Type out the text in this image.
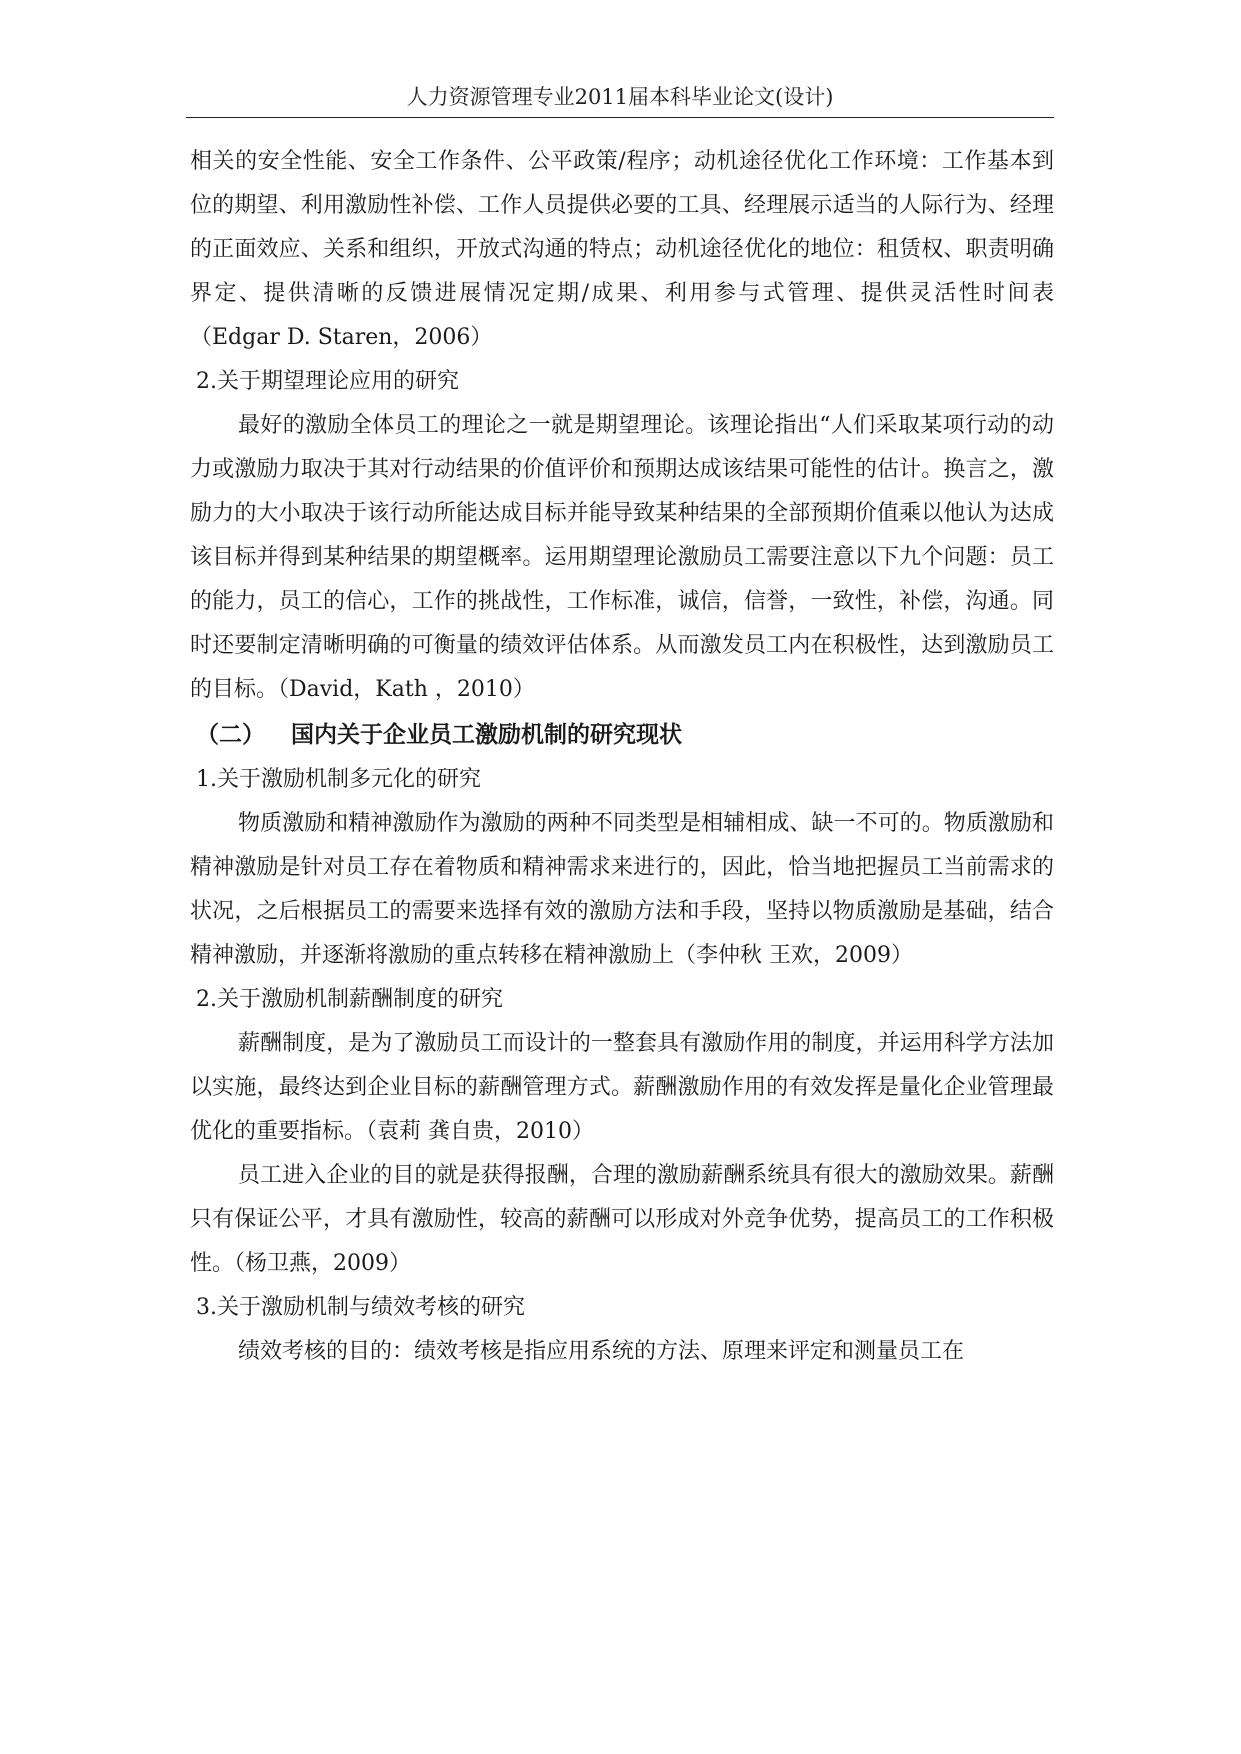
人力资源管理专业2011届本科毕业论文(设计)

相关的安全性能、安全工作条件、公平政策/程序；动机途径优化工作环境：工作基本到位的期望、利用激励性补偿、工作人员提供必要的工具、经理展示适当的人际行为、经理的正面效应、关系和组织，开放式沟通的特点；动机途径优化的地位：租赁权、职责明确界定、提供清晰的反馈进展情况定期/成果、利用参与式管理、提供灵活性时间表（Edgar D. Staren，2006）

2.关于期望理论应用的研究

最好的激励全体员工的理论之一就是期望理论。该理论指出“人们采取某项行动的动力或激励力取决于其对行动结果的价值评价和预期达成该结果可能性的估计。换言之，激励力的大小取决于该行动所能达成目标并能导致某种结果的全部预期价值乘以他认为达成该目标并得到某种结果的期望概率。运用期望理论激励员工需要注意以下九个问题：员工的能力，员工的信心，工作的挑战性，工作标准，诚信，信誉，一致性，补偿，沟通。同时还要制定清晰明确的可衡量的绩效评估体系。从而激发员工内在积极性，达到激励员工的目标。（David，Kath ，2010）

（二） 国内关于企业员工激励机制的研究现状

1.关于激励机制多元化的研究

物质激励和精神激励作为激励的两种不同类型是相辅相成、缺一不可的。物质激励和精神激励是针对员工存在着物质和精神需求来进行的，因此，恰当地把握员工当前需求的状况，之后根据员工的需要来选择有效的激励方法和手段，坚持以物质激励是基础，结合精神激励，并逐渐将激励的重点转移在精神激励上（李仲秋 王欢，2009）

2.关于激励机制薪酬制度的研究

薪酬制度，是为了激励员工而设计的一整套具有激励作用的制度，并运用科学方法加以实施，最终达到企业目标的薪酬管理方式。薪酬激励作用的有效发挥是量化企业管理最优化的重要指标。（袁莉 龚自贵，2010）

员工进入企业的目的就是获得报酬，合理的激励薪酬系统具有很大的激励效果。薪酬只有保证公平，才具有激励性，较高的薪酬可以形成对外竞争优势，提高员工的工作积极性。（杨卫燕，2009）

3.关于激励机制与绩效考核的研究

绩效考核的目的：绩效考核是指应用系统的方法、原理来评定和测量员工在
